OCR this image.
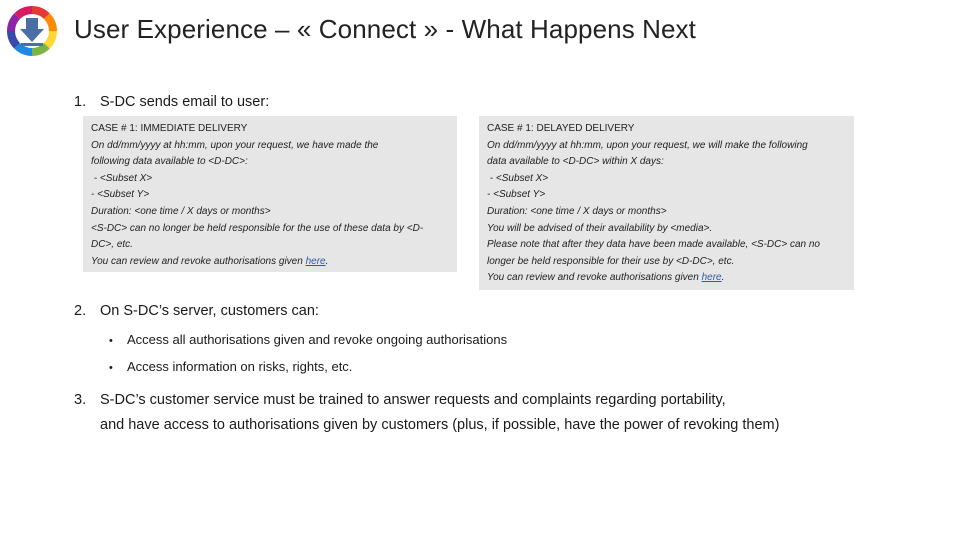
User Experience – « Connect » - What Happens Next
1. S-DC sends email to user:
CASE # 1: IMMEDIATE DELIVERY
On dd/mm/yyyy at hh:mm, upon your request, we have made the
following data available to <D-DC>:
- <Subset X>
- <Subset Y>
Duration: <one time / X days or months>
<S-DC> can no longer be held responsible for the use of these data by <D-
DC>, etc.
You can review and revoke authorisations given here.
CASE # 1: DELAYED DELIVERY
On dd/mm/yyyy at hh:mm, upon your request, we will make the following
data available to <D-DC> within X days:
- <Subset X>
- <Subset Y>
Duration: <one time / X days or months>
You will be advised of their availability by <media>.
Please note that after they data have been made available, <S-DC> can no
longer be held responsible for their use by <D-DC>, etc.
You can review and revoke authorisations given here.
2. On S-DC’s server, customers can:
• Access all authorisations given and revoke ongoing authorisations
• Access information on risks, rights, etc.
3. S-DC’s customer service must be trained to answer requests and complaints regarding portability,
and have access to authorisations given by customers (plus, if possible, have the power of revoking them)
